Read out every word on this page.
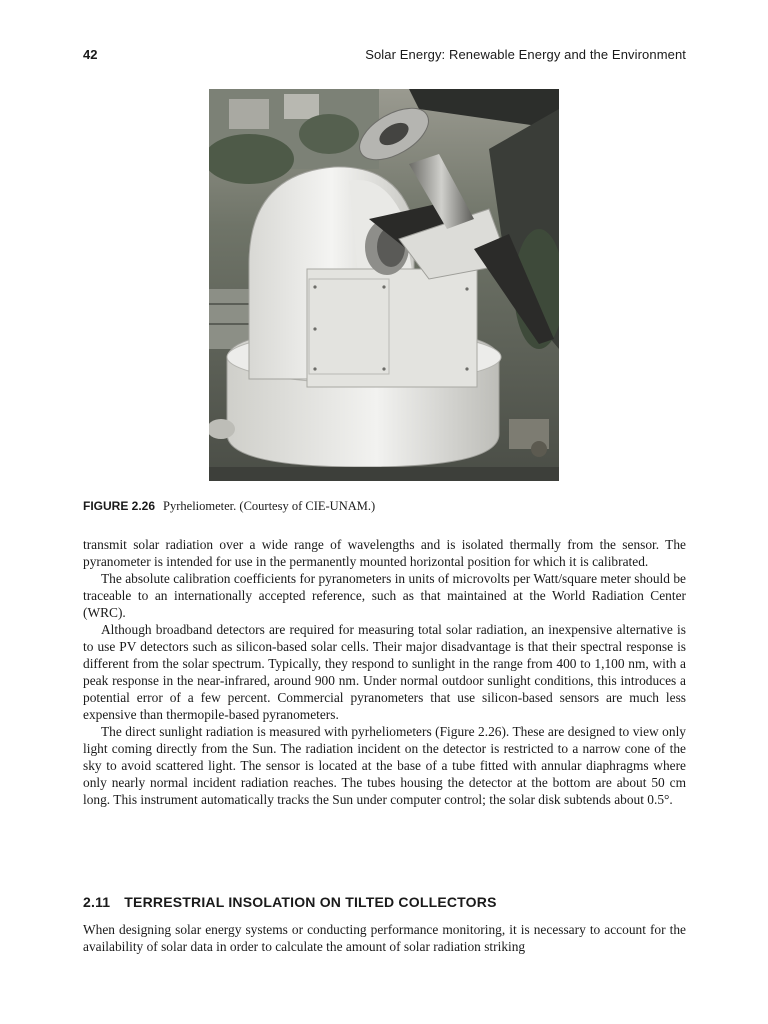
42	Solar Energy: Renewable Energy and the Environment
FIGURE 2.26 Pyrheliometer. (Courtesy of CIE-UNAM.)

transmit solar radiation over a wide range of wavelengths and is isolated thermally from the sensor. The pyranometer is intended for use in the permanently mounted horizontal position for which it is calibrated.

The absolute calibration coefficients for pyranometers in units of microvolts per Watt/square meter should be traceable to an internationally accepted reference, such as that maintained at the World Radiation Center (WRC).

Although broadband detectors are required for measuring total solar radiation, an inexpensive alternative is to use PV detectors such as silicon-based solar cells. Their major disadvantage is that their spectral response is different from the solar spectrum. Typically, they respond to sunlight in the range from 400 to 1,100 nm, with a peak response in the near-infrared, around 900 nm. Under normal outdoor sunlight conditions, this introduces a potential error of a few percent. Commercial pyranometers that use silicon-based sensors are much less expensive than thermopile-based pyranometers.

The direct sunlight radiation is measured with pyrheliometers (Figure 2.26). These are designed to view only light coming directly from the Sun. The radiation incident on the detector is restricted to a narrow cone of the sky to avoid scattered light. The sensor is located at the base of a tube fitted with annular diaphragms where only nearly normal incident radiation reaches. The tubes housing the detector at the bottom are about 50 cm long. This instrument automatically tracks the Sun under computer control; the solar disk subtends about 0.5°.

2.11 TERRESTRIAL INSOLATION ON TILTED COLLECTORS

When designing solar energy systems or conducting performance monitoring, it is necessary to account for the availability of solar data in order to calculate the amount of solar radiation striking
